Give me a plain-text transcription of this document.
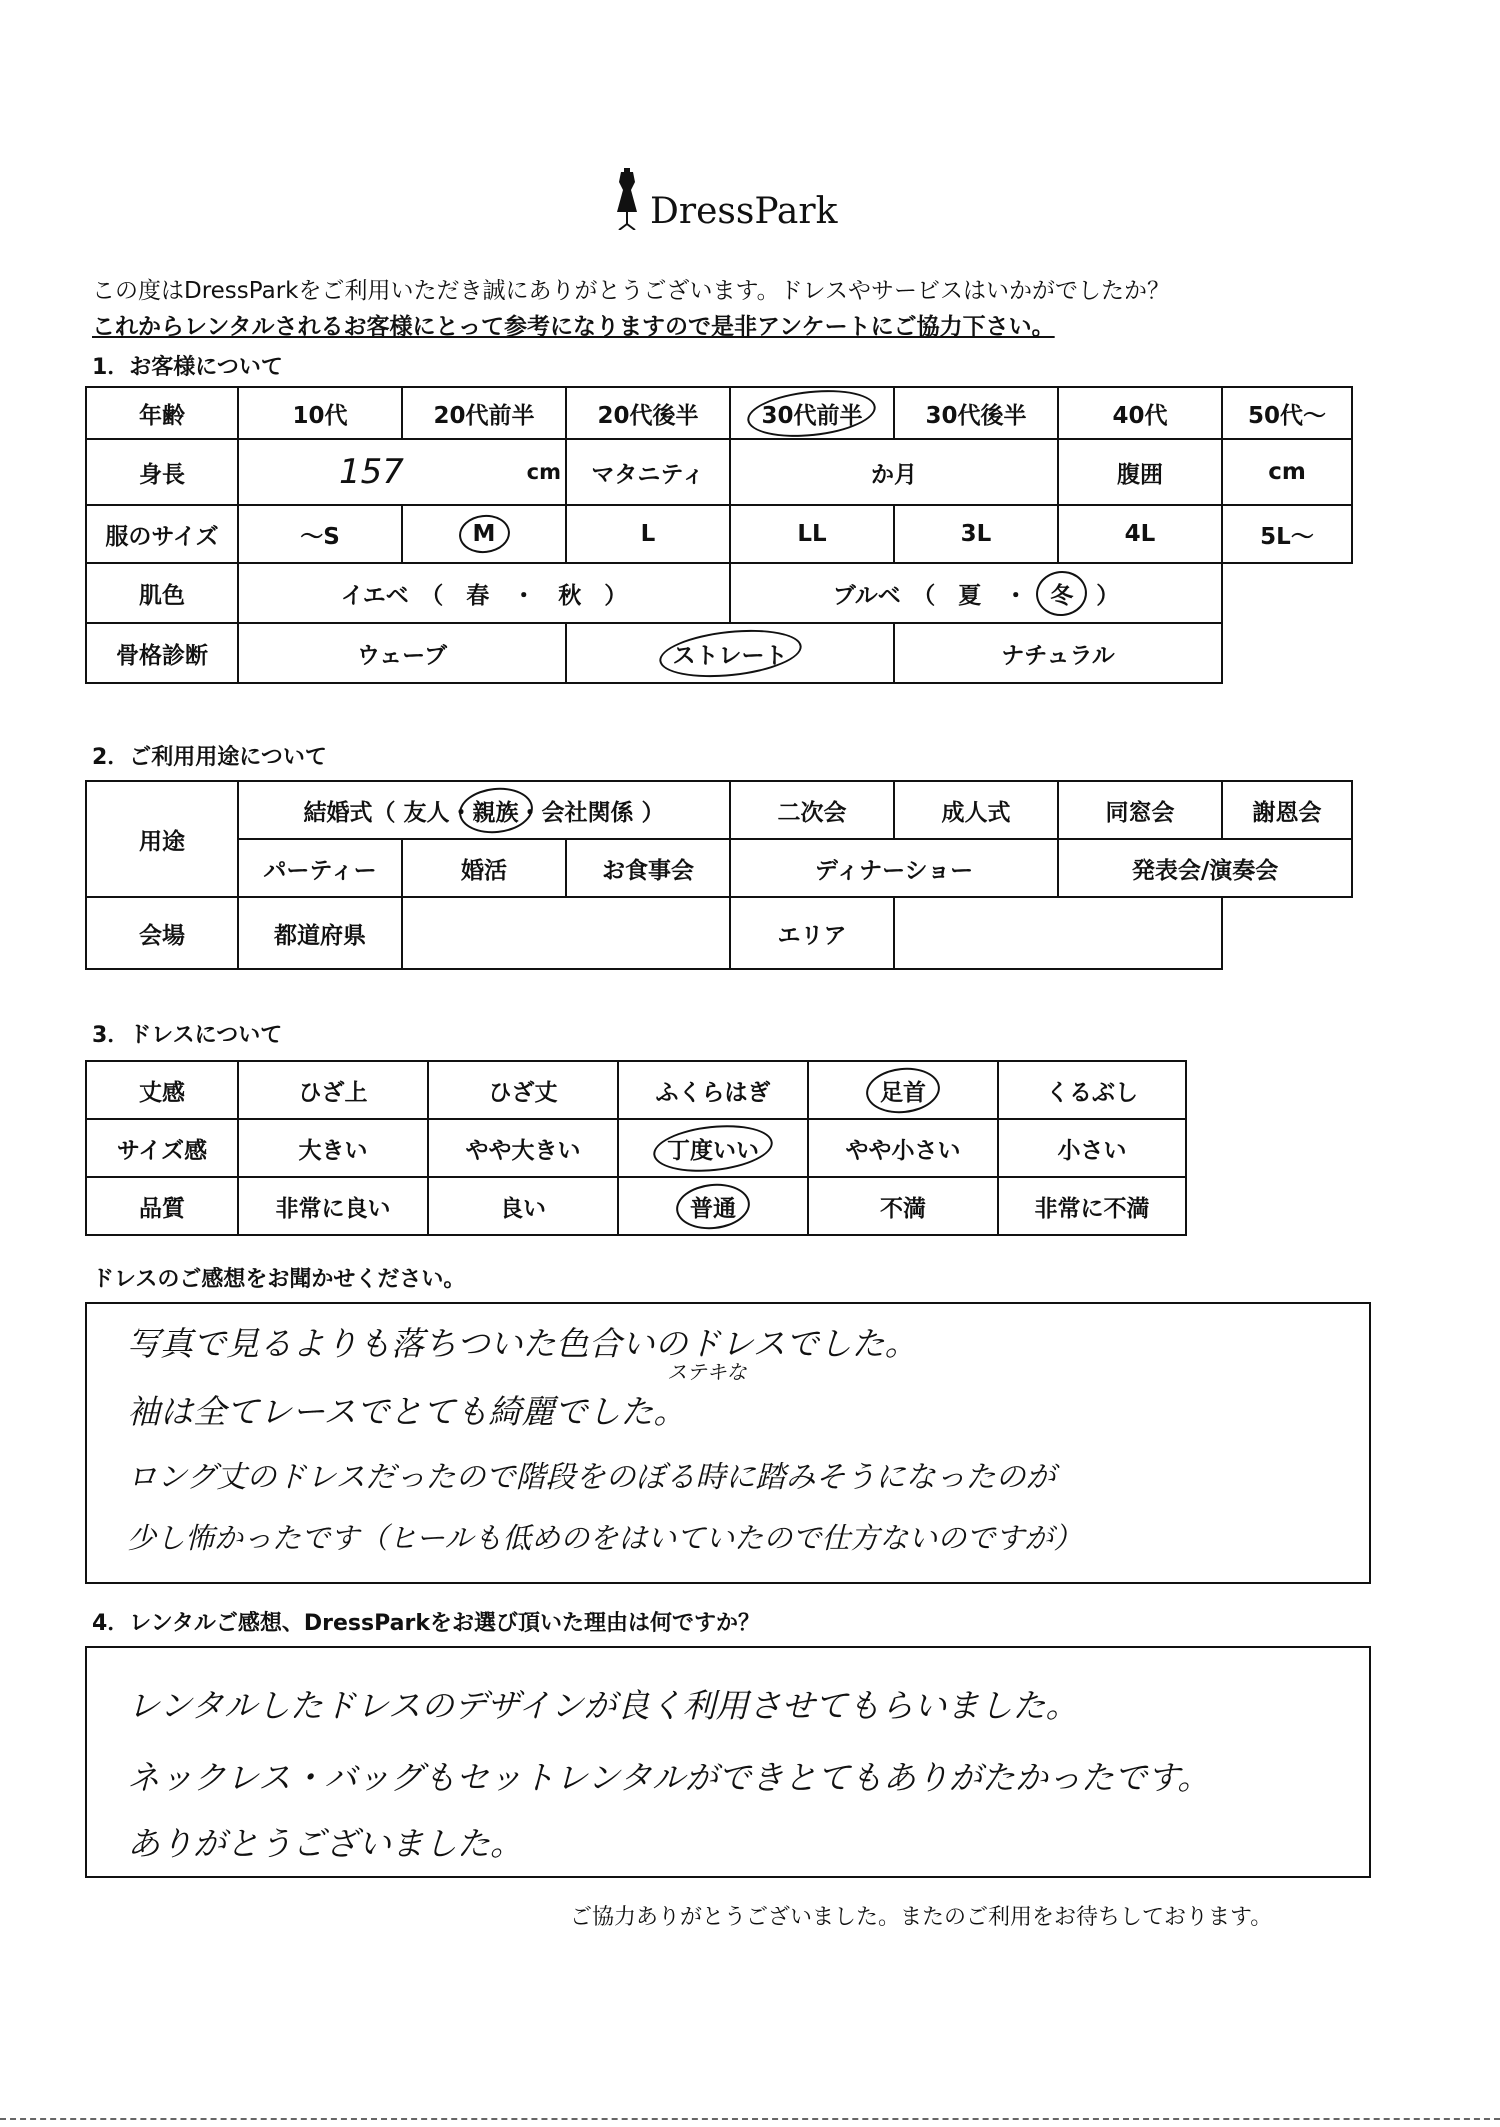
DressPark
この度はDressParkをご利用いただき誠にありがとうございます。ドレスやサービスはいかがでしたか？
これからレンタルされるお客様にとって参考になりますので是非アンケートにご協力下さい。
1．お客様について
年齢	10代	20代前半	20代後半	30代前半	30代後半	40代	50代～
身長	157 cm		マタニティ	か月		腹囲	cm
服のサイズ	～S	M	L	LL	3L	4L	5L～
肌色	イエベ　（　春　・　秋　）			ブルベ　（　夏　・　冬　）			
骨格診断	ウェーブ		ストレート		ナチュラル		
2．ご利用用途について
用途	結婚式（ 友人・親族・会社関係 ）			二次会	成人式	同窓会	謝恩会
	パーティー	婚活	お食事会	ディナーショー		発表会/演奏会	
会場	都道府県			エリア			
3．ドレスについて
丈感	ひざ上	ひざ丈	ふくらはぎ	足首	くるぶし
サイズ感	大きい	やや大きい	丁度いい	やや小さい	小さい
品質	非常に良い	良い	普通	不満	非常に不満
ドレスのご感想をお聞かせください。
ステキな
写真で見るよりも落ちついた色合いのドレスでした。
袖は全てレースでとても綺麗でした。
ロング丈のドレスだったので階段をのぼる時に踏みそうになったのが
少し怖かったです（ヒールも低めのをはいていたので仕方ないのですが）
4．レンタルご感想、DressParkをお選び頂いた理由は何ですか？
レンタルしたドレスのデザインが良く利用させてもらいました。
ネックレス・バッグもセットレンタルができとてもありがたかったです。
ありがとうございました。
ご協力ありがとうございました。またのご利用をお待ちしております。
